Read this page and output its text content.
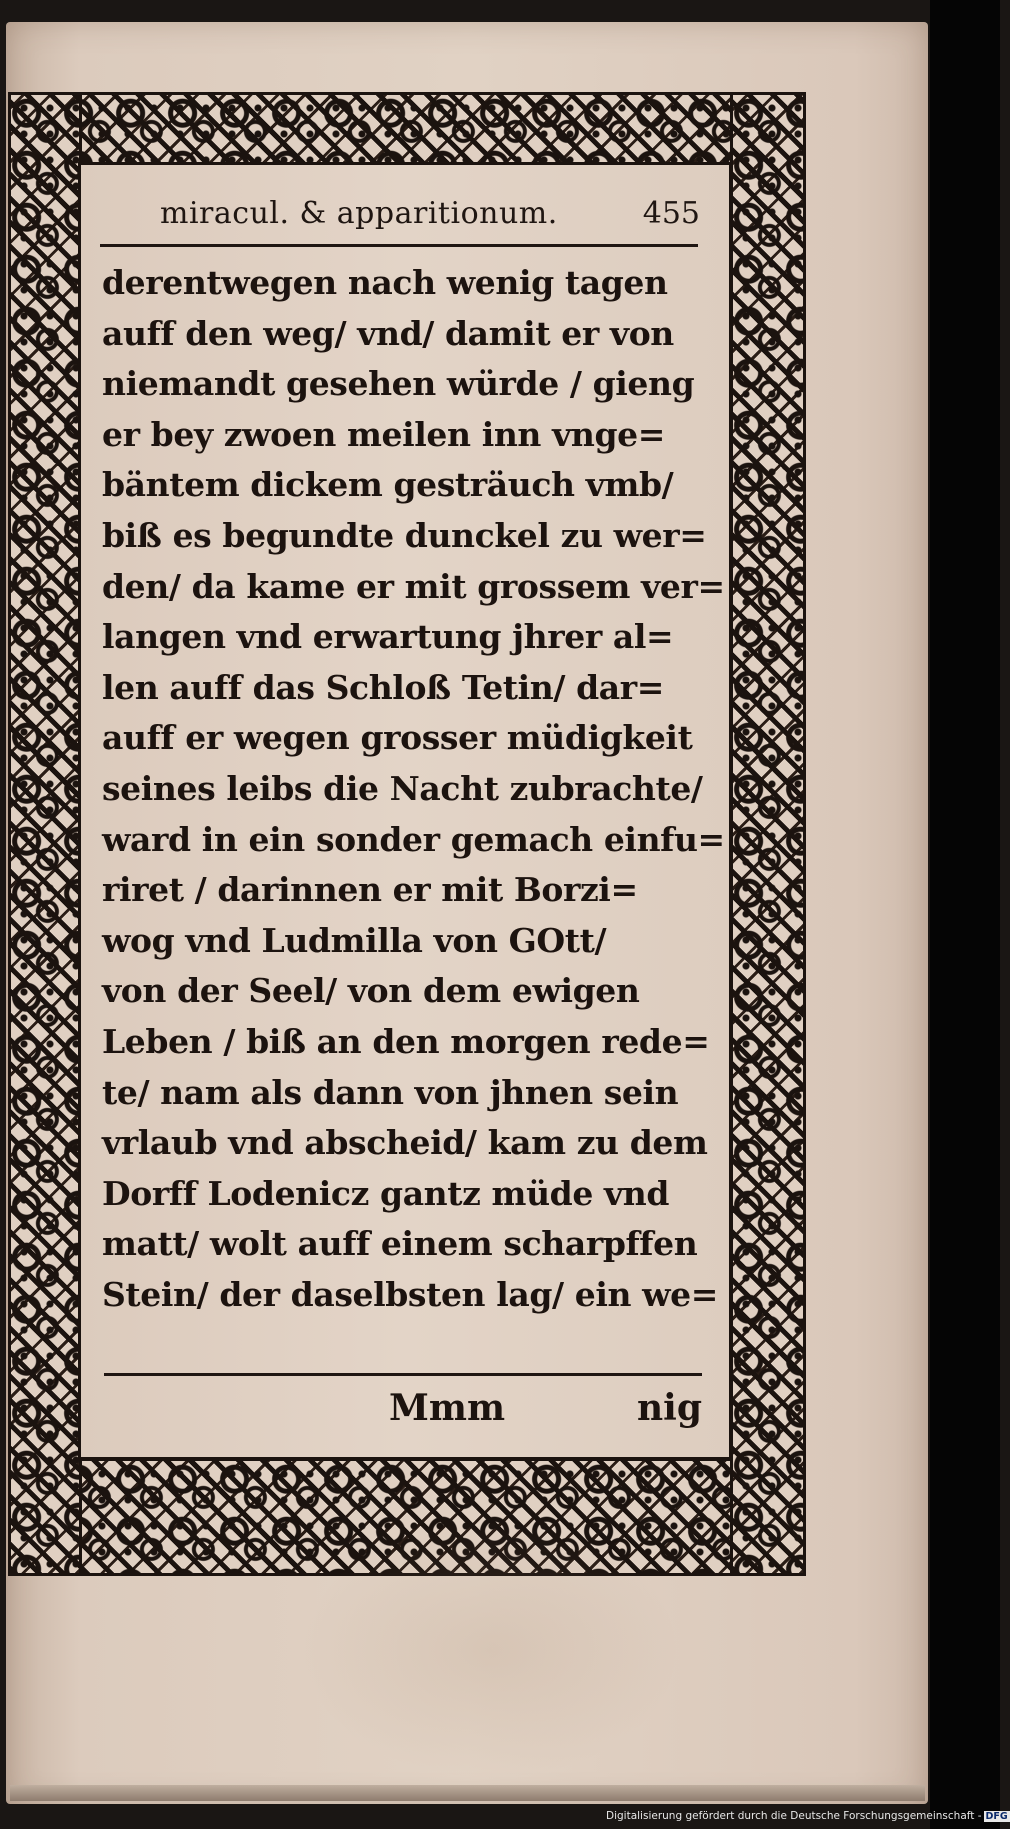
miracul. & apparitionum.	455
derentwegen nach wenig tagen
auff den weg/ vnd/ damit er von
niemandt gesehen würde / gieng
er bey zwoen meilen inn vnge=
bäntem dickem gesträuch vmb/
biß es begundte dunckel zu wer=
den/ da kame er mit grossem ver=
langen vnd erwartung jhrer al=
len auff das Schloß Tetin/ dar=
auff er wegen grosser müdigkeit
seines leibs die Nacht zubrachte/
ward in ein sonder gemach einfu=
riret / darinnen er mit Borzi=
wog vnd Ludmilla von GOtt/
von der Seel/ von dem ewigen
Leben / biß an den morgen rede=
te/ nam als dann von jhnen sein
vrlaub vnd abscheid/ kam zu dem
Dorff Lodenicz gantz müde vnd
matt/ wolt auff einem scharpffen
Stein/ der daselbsten lag/ ein we=
Mmm	nig
Digitalisierung gefördert durch die Deutsche Forschungsgemeinschaft - DFG
